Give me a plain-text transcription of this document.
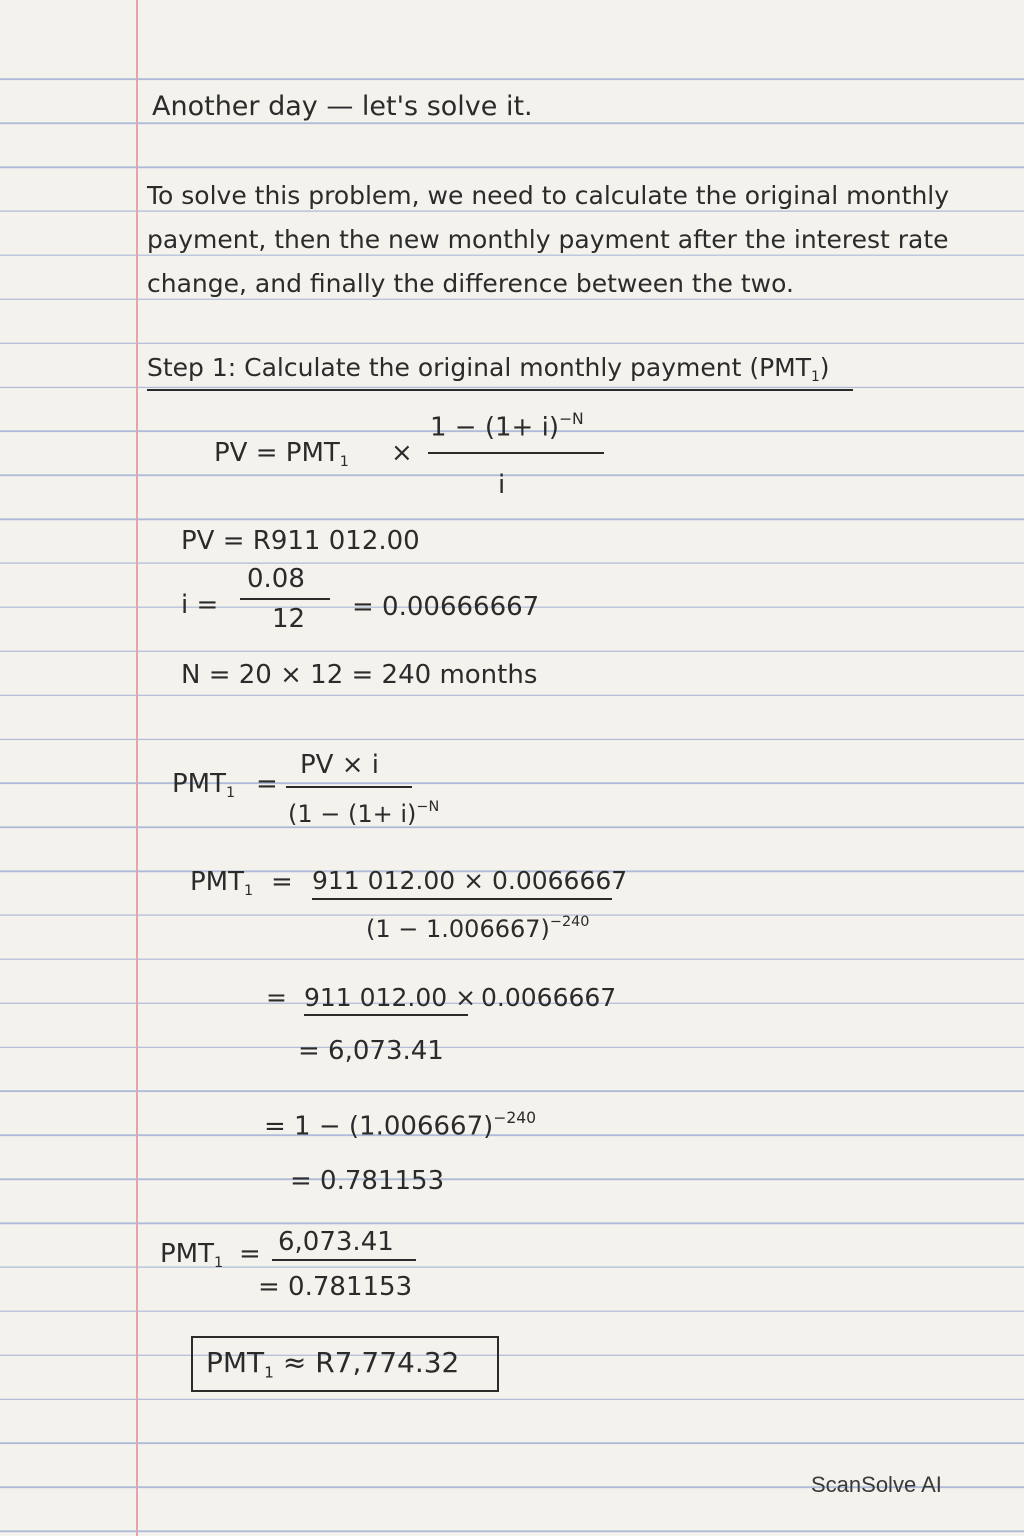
Another day — let's solve it.
To solve this problem, we need to calculate the original monthly
payment, then the new monthly payment after the interest rate
change, and finally the difference between the two.
Step 1: Calculate the original monthly payment $(PMT_1)$
PV = $PMT_1$ ×
$1 - (1+ i)^{-N}$
i
PV = R911 012.00
i =
0.08
12 = 0.00666667
N = 20 × 12 = 240 months
$PMT_1$ =
PV × i
($1 - (1+ i)^{-N}$
$PMT_1 = 911$ 012.00 × 0.0066667
$(1 - 1.006667)^{-240}$
= 911 012.00 × 0.0066667
= 6,073.41
= $1 - (1.006667)^{-240}$
= 0.781153
$PMT_1 = 6,073.41$
= 0.781153
$PMT_1 \approx R7,774.32$
ScanSolve AI
